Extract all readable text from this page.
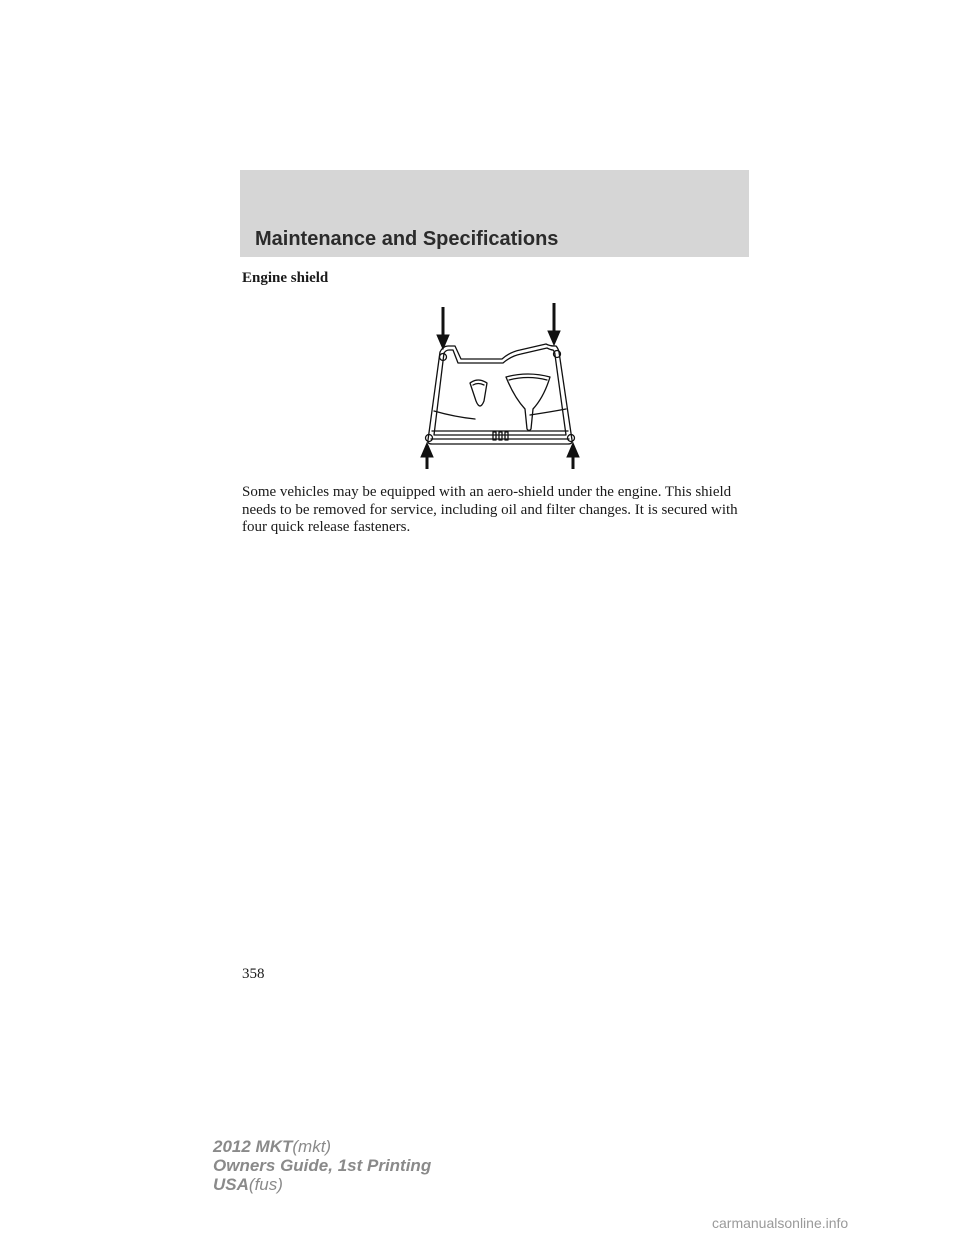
Maintenance and Specifications
Engine shield

Some vehicles may be equipped with an aero-shield under the engine. This shield needs to be removed for service, including oil and filter changes. It is secured with four quick release fasteners.

358
2012 MKT(mkt)
Owners Guide, 1st Printing
USA(fus)
carmanualsonline.info
